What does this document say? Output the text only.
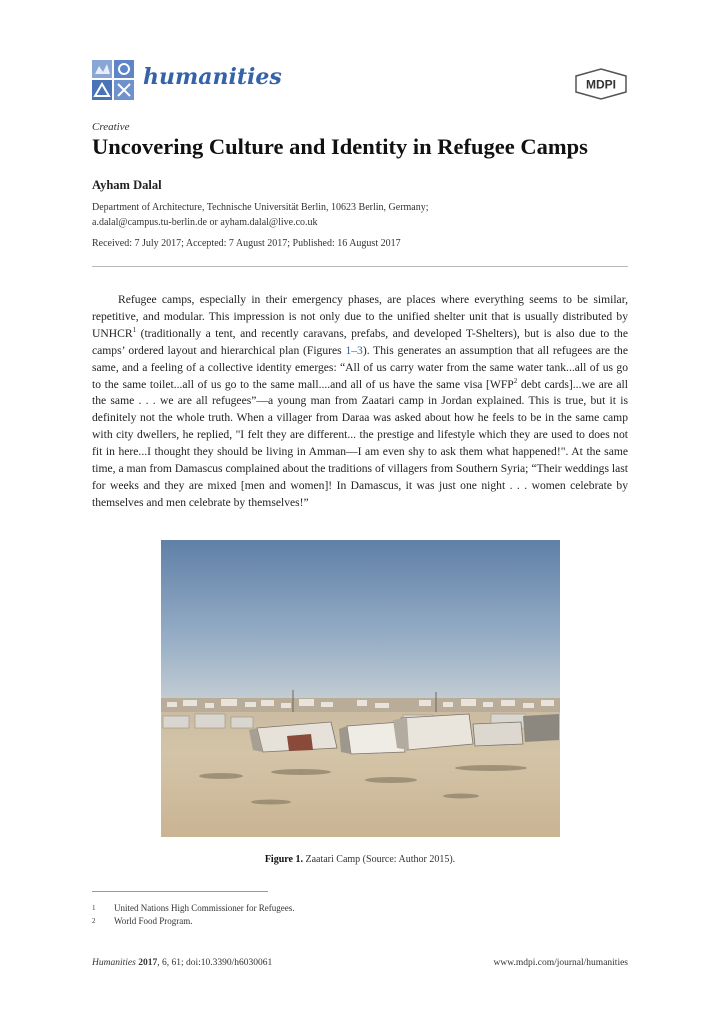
humanities	MDPI
Creative
Uncovering Culture and Identity in Refugee Camps
Ayham Dalal
Department of Architecture, Technische Universität Berlin, 10623 Berlin, Germany;
a.dalal@campus.tu-berlin.de or ayham.dalal@live.co.uk
Received: 7 July 2017; Accepted: 7 August 2017; Published: 16 August 2017

Refugee camps, especially in their emergency phases, are places where everything seems to be similar, repetitive, and modular. This impression is not only due to the unified shelter unit that is usually distributed by UNHCR$^1$ (traditionally a tent, and recently caravans, prefabs, and developed T-Shelters), but is also due to the camps’ ordered layout and hierarchical plan (Figures 1–3). This generates an assumption that all refugees are the same, and a feeling of a collective identity emerges: “All of us carry water from the same water tank...all of us go to the same toilet...all of us go to the same mall....and all of us have the same visa [WFP$^2$ debt cards]...we are all the same . . . we are all refugees”—a young man from Zaatari camp in Jordan explained. This is true, but it is definitely not the whole truth. When a villager from Daraa was asked about how he feels to be in the same camp with city dwellers, he replied, "I felt they are different... the prestige and lifestyle which they are used to does not fit in here...I thought they should be living in Amman—I am even shy to ask them what happened!". At the same time, a man from Damascus complained about the traditions of villagers from Southern Syria; “Their weddings last for weeks and they are mixed [men and women]! In Damascus, it was just one night . . . women celebrate by themselves and men celebrate by themselves!”

Figure 1. Zaatari Camp (Source: Author 2015).
1	United Nations High Commissioner for Refugees.
2	World Food Program.
Humanities 2017, 6, 61; doi:10.3390/h6030061	www.mdpi.com/journal/humanities
